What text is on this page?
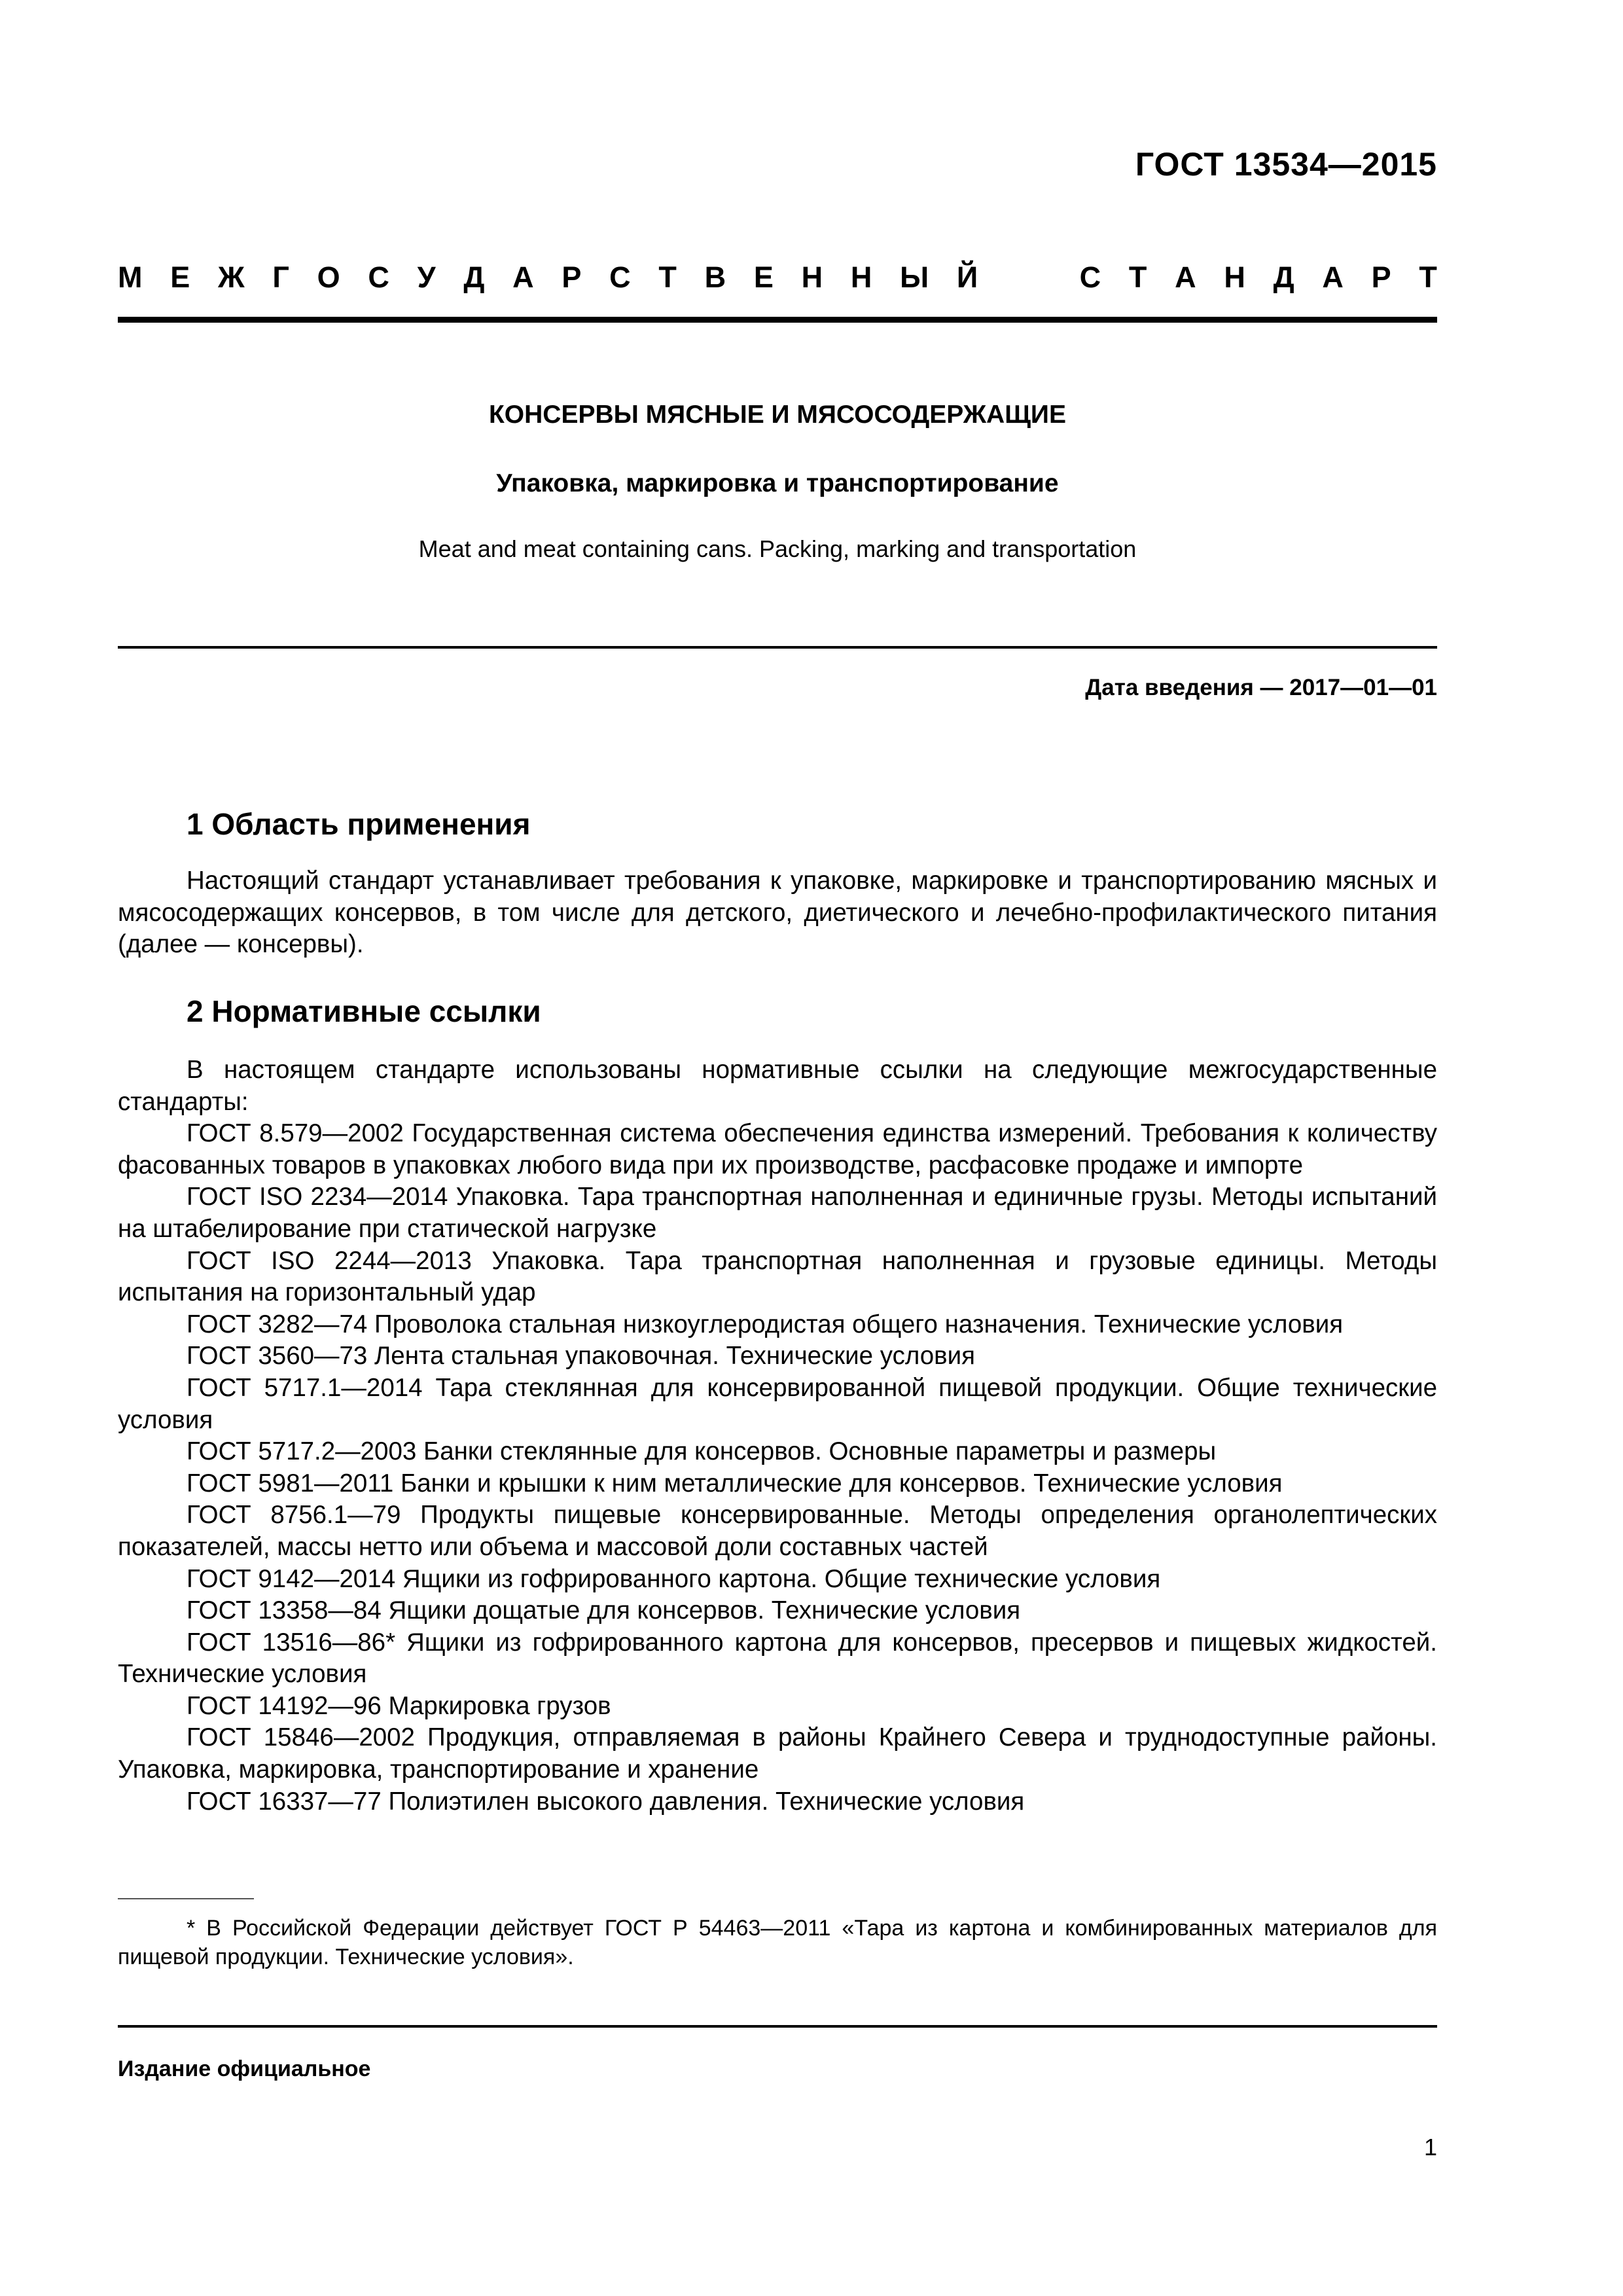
ГОСТ 13534—2015
М Е Ж Г О С У Д А Р С Т В Е Н Н Ы Й	С Т А Н Д А Р Т
КОНСЕРВЫ МЯСНЫЕ И МЯСОСОДЕРЖАЩИЕ
Упаковка, маркировка и транспортирование
Meat and meat containing cans. Packing, marking and transportation
Дата введения — 2017—01—01
1 Область применения

Настоящий стандарт устанавливает требования к упаковке, маркировке и транспортированию мясных и мясосодержащих консервов, в том числе для детского, диетического и лечебно-профилактического питания (далее — консервы).

2 Нормативные ссылки

В настоящем стандарте использованы нормативные ссылки на следующие межгосударственные стандарты:

ГОСТ 8.579—2002 Государственная система обеспечения единства измерений. Требования к количеству фасованных товаров в упаковках любого вида при их производстве, расфасовке продаже и импорте

ГОСТ ISO 2234—2014 Упаковка. Тара транспортная наполненная и единичные грузы. Методы испытаний на штабелирование при статической нагрузке

ГОСТ ISO 2244—2013 Упаковка. Тара транспортная наполненная и грузовые единицы. Методы испытания на горизонтальный удар

ГОСТ 3282—74 Проволока стальная низкоуглеродистая общего назначения. Технические условия

ГОСТ 3560—73 Лента стальная упаковочная. Технические условия

ГОСТ 5717.1—2014 Тара стеклянная для консервированной пищевой продукции. Общие технические условия

ГОСТ 5717.2—2003 Банки стеклянные для консервов. Основные параметры и размеры

ГОСТ 5981—2011 Банки и крышки к ним металлические для консервов. Технические условия

ГОСТ 8756.1—79 Продукты пищевые консервированные. Методы определения органолептических показателей, массы нетто или объема и массовой доли составных частей

ГОСТ 9142—2014 Ящики из гофрированного картона. Общие технические условия

ГОСТ 13358—84 Ящики дощатые для консервов. Технические условия

ГОСТ 13516—86* Ящики из гофрированного картона для консервов, пресервов и пищевых жидкостей. Технические условия

ГОСТ 14192—96 Маркировка грузов

ГОСТ 15846—2002 Продукция, отправляемая в районы Крайнего Севера и труднодоступные районы. Упаковка, маркировка, транспортирование и хранение

ГОСТ 16337—77 Полиэтилен высокого давления. Технические условия

* В Российской Федерации действует ГОСТ Р 54463—2011 «Тара из картона и комбинированных материалов для пищевой продукции. Технические условия».

Издание официальное
1
